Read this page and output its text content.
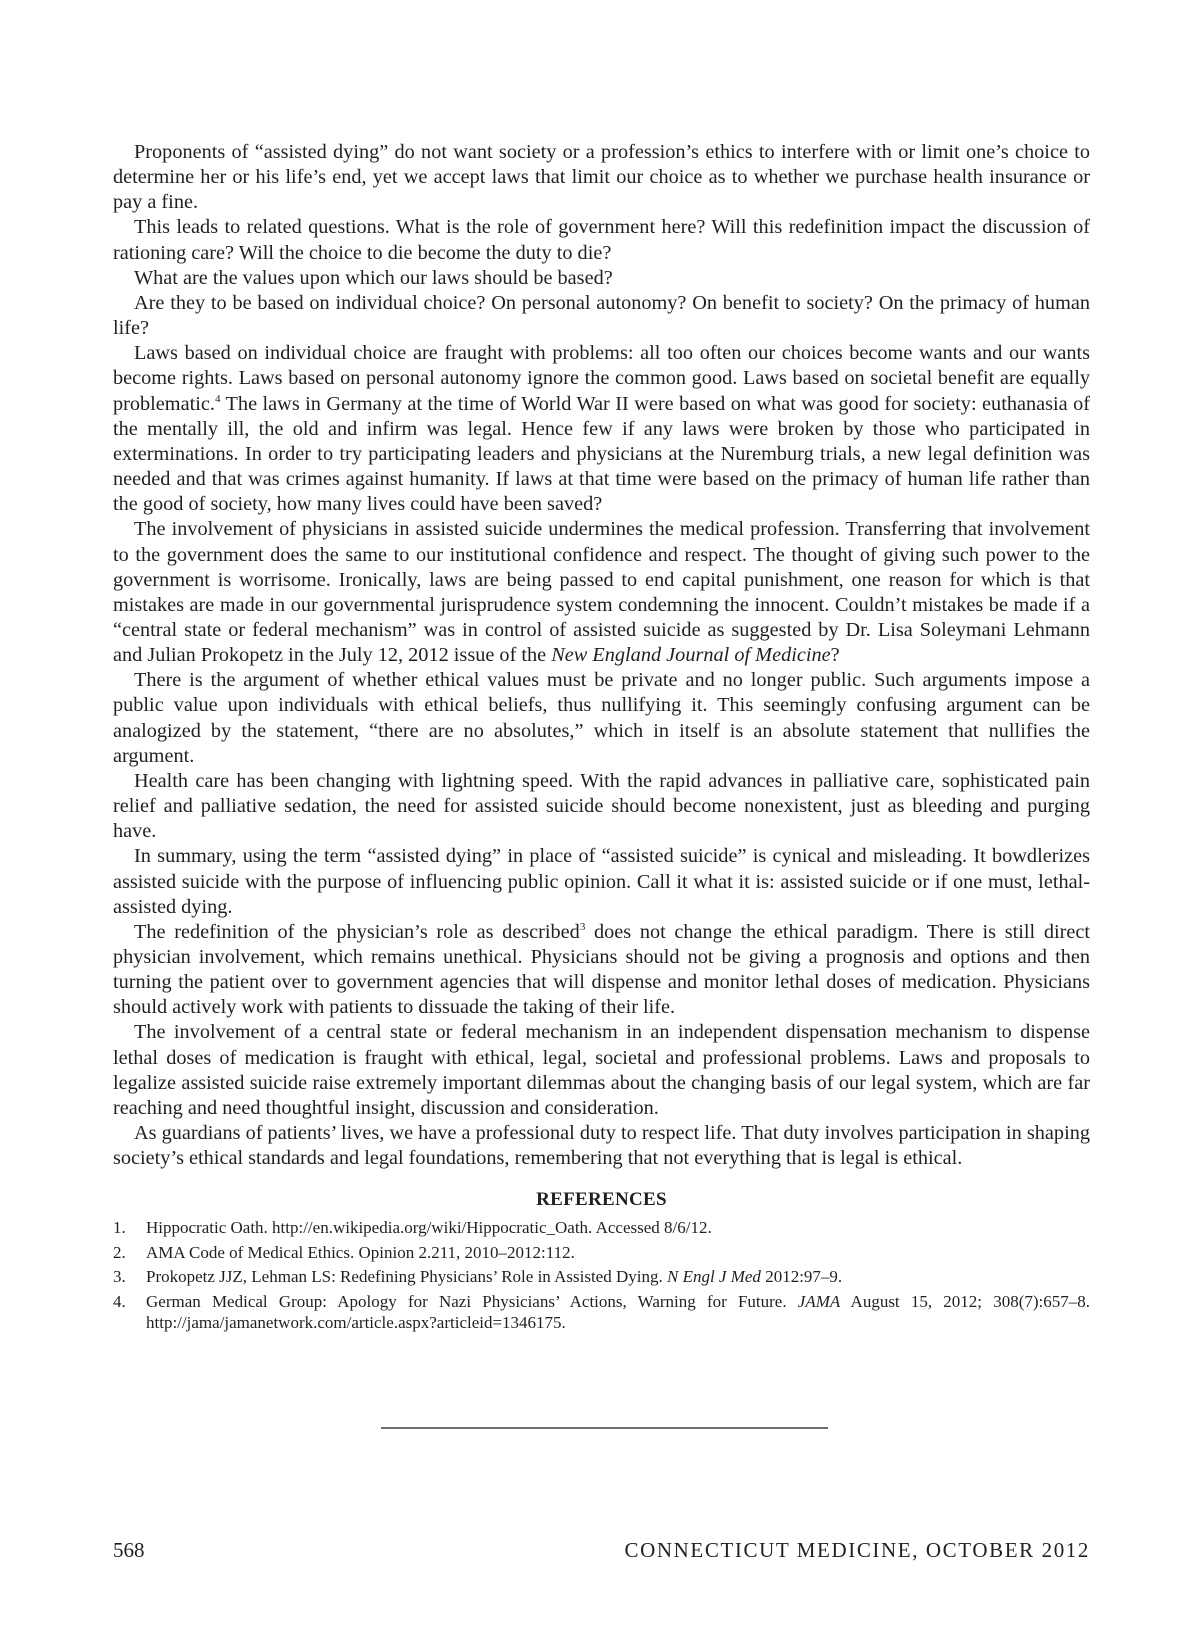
Proponents of “assisted dying” do not want society or a profession’s ethics to interfere with or limit one’s choice to determine her or his life’s end, yet we accept laws that limit our choice as to whether we purchase health insurance or pay a fine.

This leads to related questions. What is the role of government here? Will this redefinition impact the discussion of rationing care? Will the choice to die become the duty to die?

What are the values upon which our laws should be based?

Are they to be based on individual choice? On personal autonomy? On benefit to society? On the primacy of human life?

Laws based on individual choice are fraught with problems: all too often our choices become wants and our wants become rights. Laws based on personal autonomy ignore the common good. Laws based on societal benefit are equally problematic.$^4$ The laws in Germany at the time of World War II were based on what was good for society: euthanasia of the mentally ill, the old and infirm was legal. Hence few if any laws were broken by those who participated in exterminations. In order to try participating leaders and physicians at the Nuremburg trials, a new legal definition was needed and that was crimes against humanity. If laws at that time were based on the primacy of human life rather than the good of society, how many lives could have been saved?

The involvement of physicians in assisted suicide undermines the medical profession. Transferring that involvement to the government does the same to our institutional confidence and respect. The thought of giving such power to the government is worrisome. Ironically, laws are being passed to end capital punishment, one reason for which is that mistakes are made in our governmental jurisprudence system condemning the innocent. Couldn’t mistakes be made if a “central state or federal mechanism” was in control of assisted suicide as suggested by Dr. Lisa Soleymani Lehmann and Julian Prokopetz in the July 12, 2012 issue of the New England Journal of Medicine?

There is the argument of whether ethical values must be private and no longer public. Such arguments impose a public value upon individuals with ethical beliefs, thus nullifying it. This seemingly confusing argument can be analogized by the statement, “there are no absolutes,” which in itself is an absolute statement that nullifies the argument.

Health care has been changing with lightning speed. With the rapid advances in palliative care, sophisticated pain relief and palliative sedation, the need for assisted suicide should become nonexistent, just as bleeding and purging have.

In summary, using the term “assisted dying” in place of “assisted suicide” is cynical and misleading. It bowdlerizes assisted suicide with the purpose of influencing public opinion. Call it what it is: assisted suicide or if one must, lethal-assisted dying.

The redefinition of the physician’s role as described$^3$ does not change the ethical paradigm. There is still direct physician involvement, which remains unethical. Physicians should not be giving a prognosis and options and then turning the patient over to government agencies that will dispense and monitor lethal doses of medication. Physicians should actively work with patients to dissuade the taking of their life.

The involvement of a central state or federal mechanism in an independent dispensation mechanism to dispense lethal doses of medication is fraught with ethical, legal, societal and professional problems. Laws and proposals to legalize assisted suicide raise extremely important dilemmas about the changing basis of our legal system, which are far reaching and need thoughtful insight, discussion and consideration.

As guardians of patients’ lives, we have a professional duty to respect life. That duty involves participation in shaping society’s ethical standards and legal foundations, remembering that not everything that is legal is ethical.

REFERENCES
1. Hippocratic Oath. http://en.wikipedia.org/wiki/Hippocratic_Oath. Accessed 8/6/12.
2. AMA Code of Medical Ethics. Opinion 2.211, 2010–2012:112.
3. Prokopetz JJZ, Lehman LS: Redefining Physicians’ Role in Assisted Dying. N Engl J Med 2012:97–9.
4. German Medical Group: Apology for Nazi Physicians’ Actions, Warning for Future. JAMA August 15, 2012; 308(7):657–8. http://jama/jamanetwork.com/article.aspx?articleid=1346175.
568	CONNECTICUT MEDICINE, OCTOBER 2012
